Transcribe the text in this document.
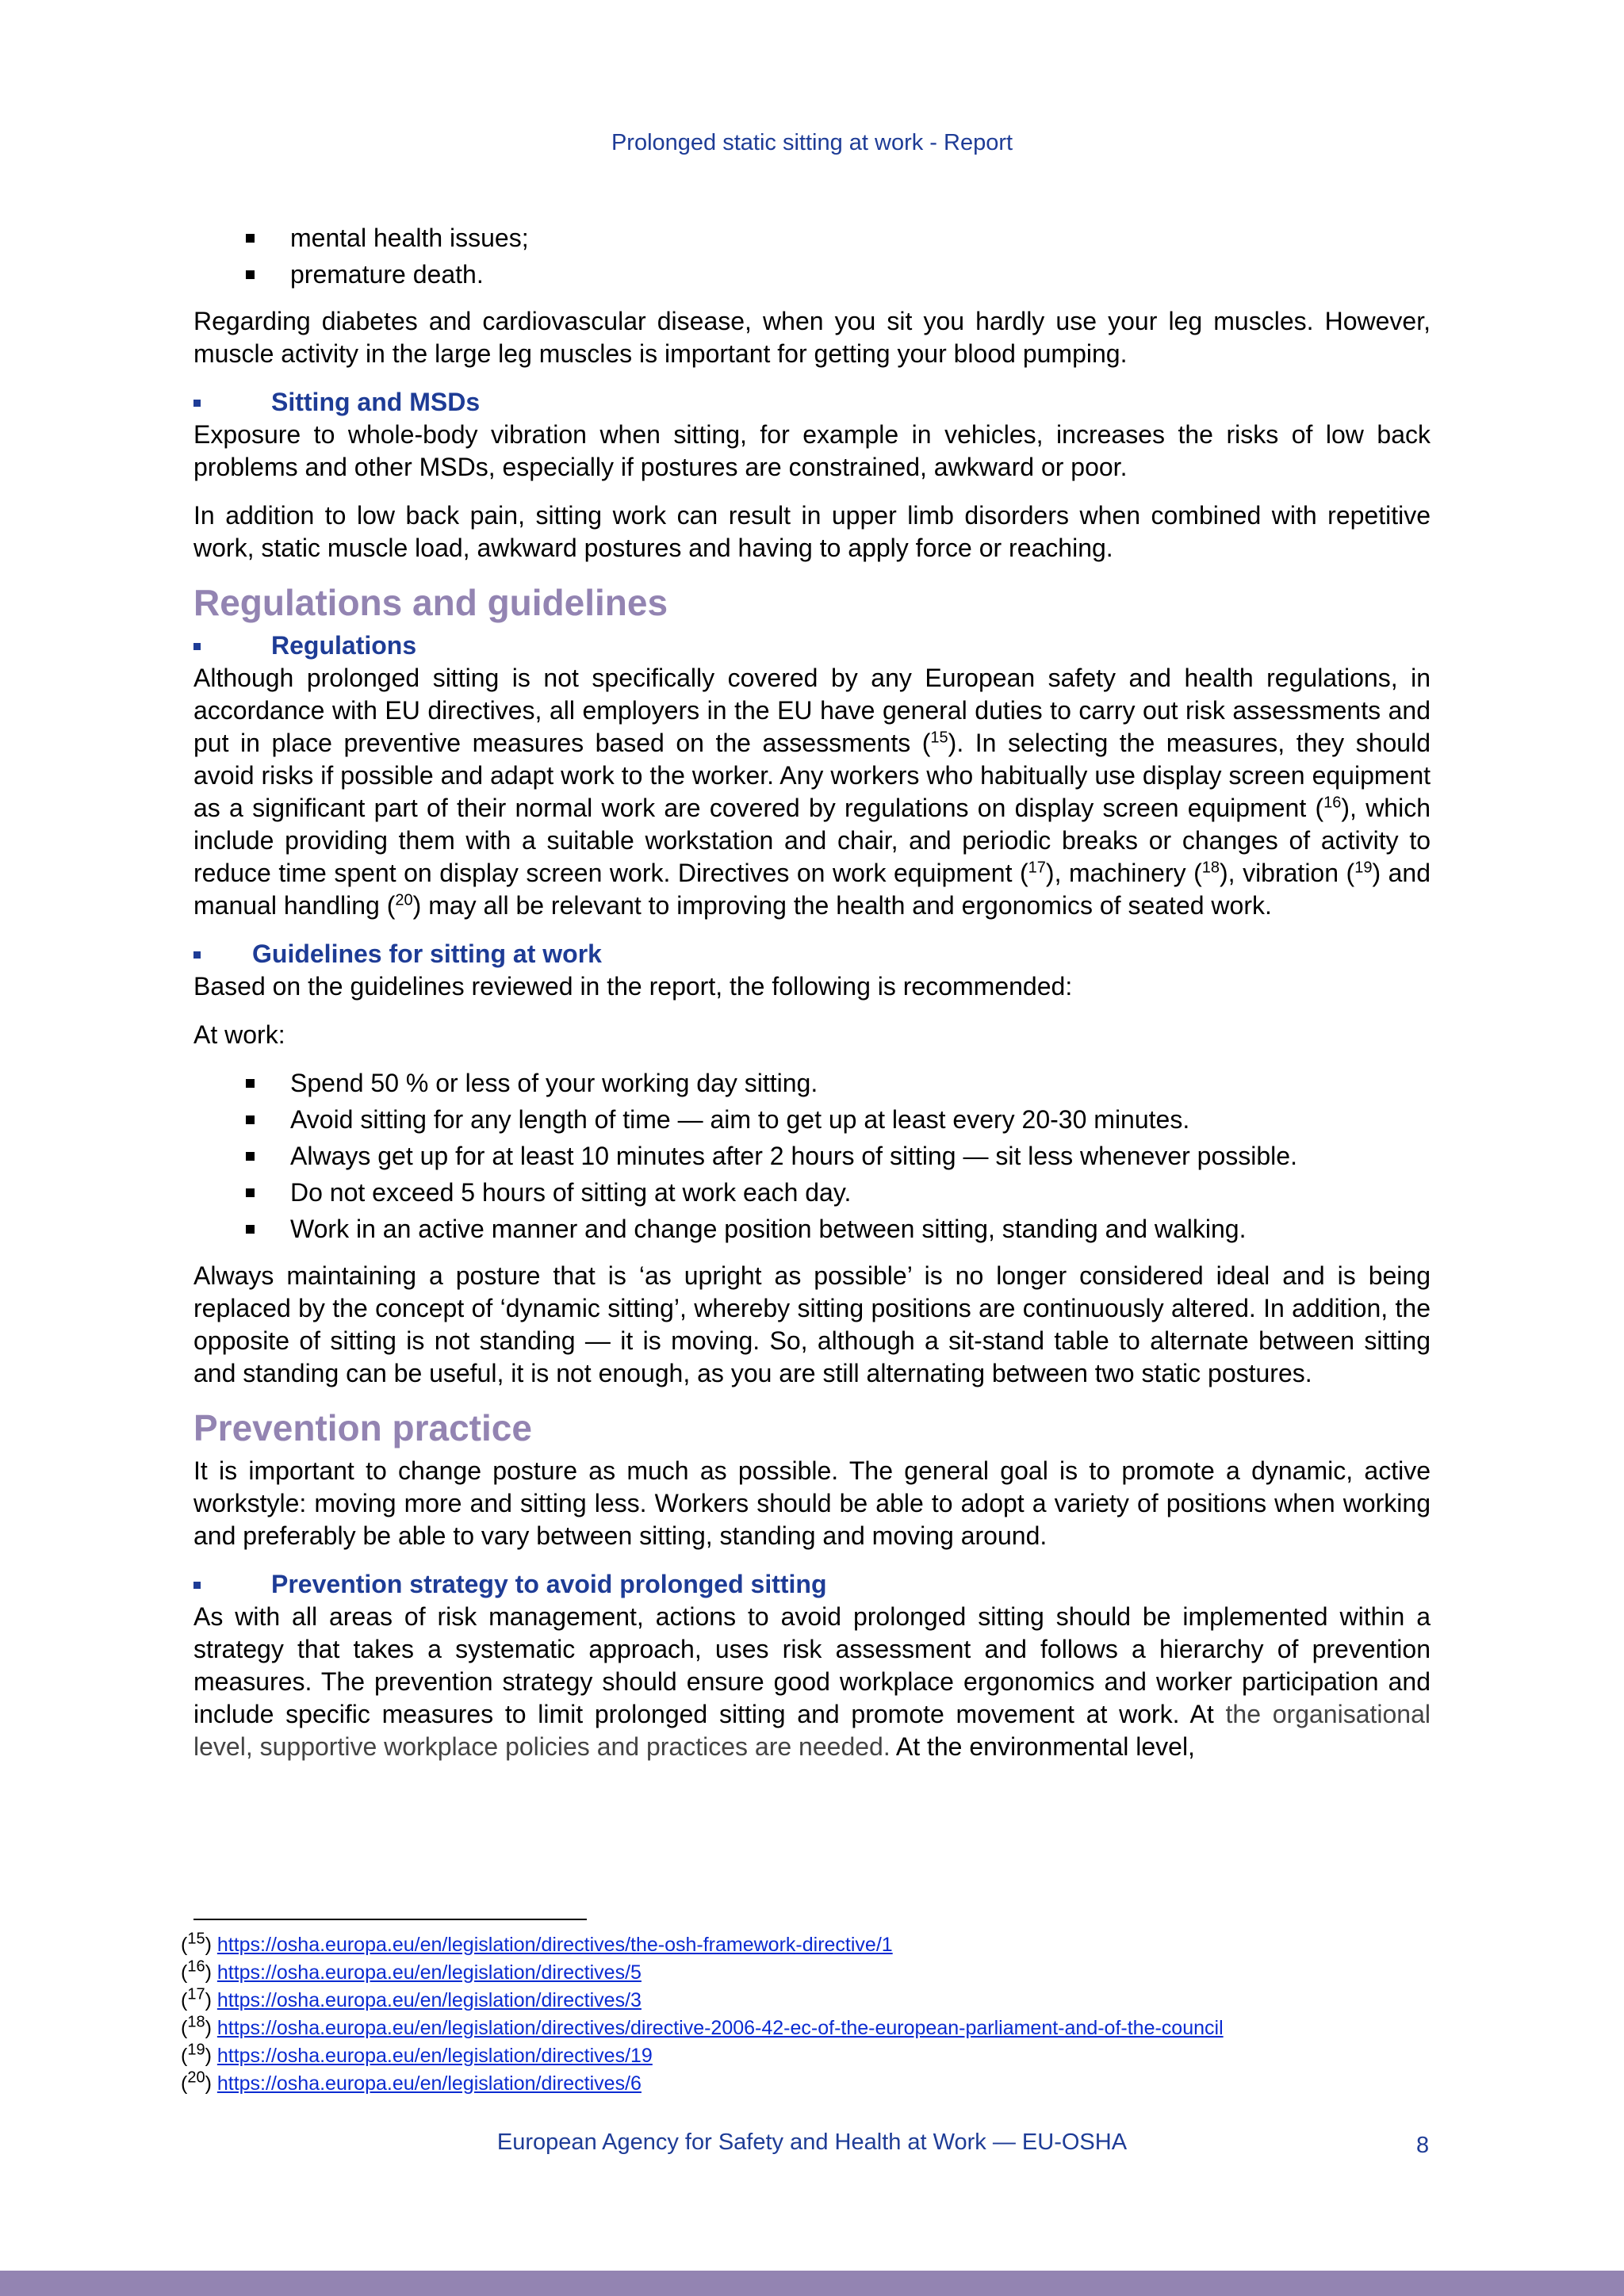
Prolonged static sitting at work - Report
mental health issues;
premature death.

Regarding diabetes and cardiovascular disease, when you sit you hardly use your leg muscles. However, muscle activity in the large leg muscles is important for getting your blood pumping.

Sitting and MSDs

Exposure to whole-body vibration when sitting, for example in vehicles, increases the risks of low back problems and other MSDs, especially if postures are constrained, awkward or poor.

In addition to low back pain, sitting work can result in upper limb disorders when combined with repetitive work, static muscle load, awkward postures and having to apply force or reaching.

Regulations and guidelines
Regulations

Although prolonged sitting is not specifically covered by any European safety and health regulations, in accordance with EU directives, all employers in the EU have general duties to carry out risk assessments and put in place preventive measures based on the assessments ($^{15}$). In selecting the measures, they should avoid risks if possible and adapt work to the worker. Any workers who habitually use display screen equipment as a significant part of their normal work are covered by regulations on display screen equipment ($^{16}$), which include providing them with a suitable workstation and chair, and periodic breaks or changes of activity to reduce time spent on display screen work. Directives on work equipment ($^{17}$), machinery ($^{18}$), vibration ($^{19}$) and manual handling ($^{20}$) may all be relevant to improving the health and ergonomics of seated work.

Guidelines for sitting at work

Based on the guidelines reviewed in the report, the following is recommended:

At work:

Spend 50 % or less of your working day sitting.
Avoid sitting for any length of time — aim to get up at least every 20-30 minutes.
Always get up for at least 10 minutes after 2 hours of sitting — sit less whenever possible.
Do not exceed 5 hours of sitting at work each day.
Work in an active manner and change position between sitting, standing and walking.

Always maintaining a posture that is ‘as upright as possible’ is no longer considered ideal and is being replaced by the concept of ‘dynamic sitting’, whereby sitting positions are continuously altered. In addition, the opposite of sitting is not standing — it is moving. So, although a sit-stand table to alternate between sitting and standing can be useful, it is not enough, as you are still alternating between two static postures.

Prevention practice

It is important to change posture as much as possible. The general goal is to promote a dynamic, active workstyle: moving more and sitting less. Workers should be able to adopt a variety of positions when working and preferably be able to vary between sitting, standing and moving around.

Prevention strategy to avoid prolonged sitting

As with all areas of risk management, actions to avoid prolonged sitting should be implemented within a strategy that takes a systematic approach, uses risk assessment and follows a hierarchy of prevention measures. The prevention strategy should ensure good workplace ergonomics and worker participation and include specific measures to limit prolonged sitting and promote movement at work. At the organisational level, supportive workplace policies and practices are needed. At the environmental level,

($^{15}$) https://osha.europa.eu/en/legislation/directives/the-osh-framework-directive/1
($^{16}$) https://osha.europa.eu/en/legislation/directives/5
($^{17}$) https://osha.europa.eu/en/legislation/directives/3
($^{18}$) https://osha.europa.eu/en/legislation/directives/directive-2006-42-ec-of-the-european-parliament-and-of-the-council
($^{19}$) https://osha.europa.eu/en/legislation/directives/19
($^{20}$) https://osha.europa.eu/en/legislation/directives/6
European Agency for Safety and Health at Work — EU-OSHA	8
